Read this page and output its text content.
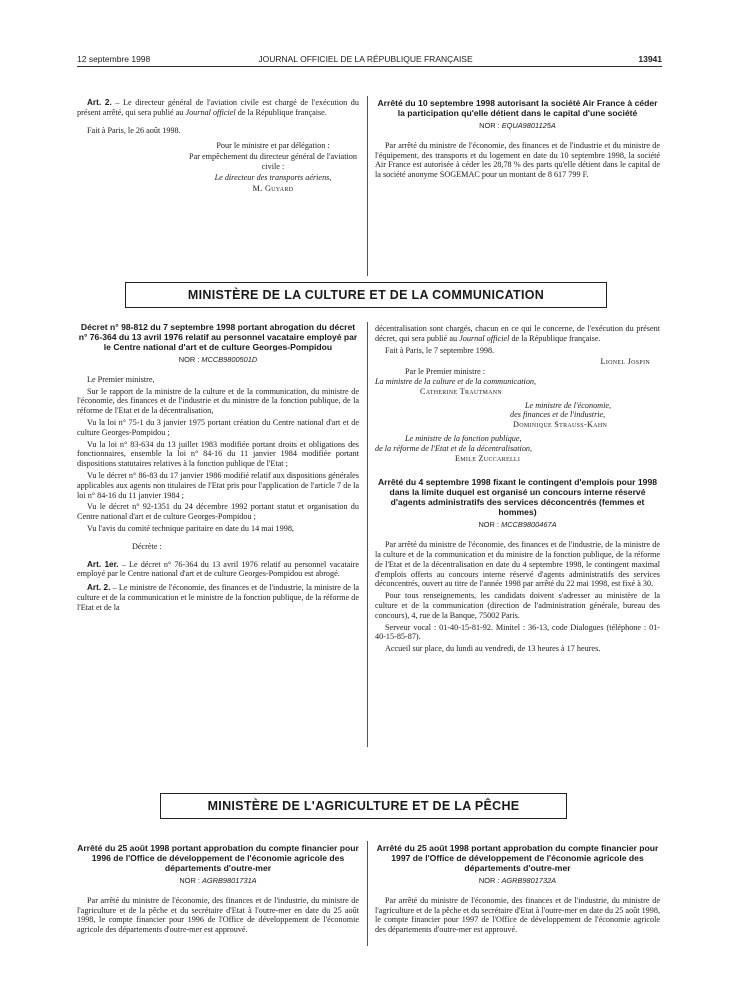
12 septembre 1998	JOURNAL OFFICIEL DE LA RÉPUBLIQUE FRANÇAISE	13941

Art. 2. – Le directeur général de l'aviation civile est chargé de l'exécution du présent arrêté, qui sera publié au Journal officiel de la République française.

Fait à Paris, le 26 août 1998.

Pour le ministre et par délégation :
Par empêchement du directeur général de l'aviation civile :
Le directeur des transports aériens,
M. Guyard
Arrêté du 10 septembre 1998 autorisant la société Air France à céder la participation qu'elle détient dans le capital d'une société
NOR : EQUA9801125A

Par arrêté du ministre de l'économie, des finances et de l'industrie et du ministre de l'équipement, des transports et du logement en date du 10 septembre 1998, la société Air France est autorisée à céder les 28,78 % des parts qu'elle détient dans le capital de la société anonyme SOGEMAC pour un montant de 8 617 799 F.

MINISTÈRE DE LA CULTURE ET DE LA COMMUNICATION
Décret n° 98-812 du 7 septembre 1998 portant abrogation du décret n° 76-364 du 13 avril 1976 relatif au personnel vacataire employé par le Centre national d'art et de culture Georges-Pompidou
NOR : MCCB9800501D

Le Premier ministre,

Sur le rapport de la ministre de la culture et de la communication, du ministre de l'économie, des finances et de l'industrie et du ministre de la fonction publique, de la réforme de l'Etat et de la décentralisation,

Vu la loi n° 75-1 du 3 janvier 1975 portant création du Centre national d'art et de culture Georges-Pompidou ;

Vu la loi n° 83-634 du 13 juillet 1983 modifiée portant droits et obligations des fonctionnaires, ensemble la loi n° 84-16 du 11 janvier 1984 modifiée portant dispositions statutaires relatives à la fonction publique de l'Etat ;

Vu le décret n° 86-83 du 17 janvier 1986 modifié relatif aux dispositions générales applicables aux agents non titulaires de l'Etat pris pour l'application de l'article 7 de la loi n° 84-16 du 11 janvier 1984 ;

Vu le décret n° 92-1351 du 24 décembre 1992 portant statut et organisation du Centre national d'art et de culture Georges-Pompidou ;

Vu l'avis du comité technique paritaire en date du 14 mai 1998,

Décrète :

Art. 1er. – Le décret n° 76-364 du 13 avril 1976 relatif au personnel vacataire employé par le Centre national d'art et de culture Georges-Pompidou est abrogé.

Art. 2. – Le ministre de l'économie, des finances et de l'industrie, la ministre de la culture et de la communication et le ministre de la fonction publique, de la réforme de l'Etat et de la

décentralisation sont chargés, chacun en ce qui le concerne, de l'exécution du présent décret, qui sera publié au Journal officiel de la République française.

Fait à Paris, le 7 septembre 1998.

Lionel Jospin
Par le Premier ministre :
La ministre de la culture et de la communication,
Catherine Trautmann
Le ministre de l'économie,
des finances et de l'industrie,
Dominique Strauss-Kahn
Le ministre de la fonction publique,
de la réforme de l'Etat et de la décentralisation,
Emile Zuccarelli
Arrêté du 4 septembre 1998 fixant le contingent d'emplois pour 1998 dans la limite duquel est organisé un concours interne réservé d'agents administratifs des services déconcentrés (femmes et hommes)
NOR : MCCB9800467A

Par arrêté du ministre de l'économie, des finances et de l'industrie, de la ministre de la culture et de la communication et du ministre de la fonction publique, de la réforme de l'Etat et de la décentralisation en date du 4 septembre 1998, le contingent maximal d'emplois offerts au concours interne réservé d'agents administratifs des services déconcentrés, ouvert au titre de l'année 1998 par arrêté du 22 mai 1998, est fixé à 30.

Pour tous renseignements, les candidats doivent s'adresser au ministère de la culture et de la communication (direction de l'administration générale, bureau des concours), 4, rue de la Banque, 75002 Paris.

Serveur vocal : 01-40-15-81-92. Minitel : 36-13, code Dialogues (téléphone : 01-40-15-85-87).

Accueil sur place, du lundi au vendredi, de 13 heures à 17 heures.

MINISTÈRE DE L'AGRICULTURE ET DE LA PÊCHE
Arrêté du 25 août 1998 portant approbation du compte financier pour 1996 de l'Office de développement de l'économie agricole des départements d'outre-mer
NOR : AGRB9801731A

Par arrêté du ministre de l'économie, des finances et de l'industrie, du ministre de l'agriculture et de la pêche et du secrétaire d'Etat à l'outre-mer en date du 25 août 1998, le compte financier pour 1996 de l'Office de développement de l'économie agricole des départements d'outre-mer est approuvé.

Arrêté du 25 août 1998 portant approbation du compte financier pour 1997 de l'Office de développement de l'économie agricole des départements d'outre-mer
NOR : AGRB9801732A

Par arrêté du ministre de l'économie, des finances et de l'industrie, du ministre de l'agriculture et de la pêche et du secrétaire d'Etat à l'outre-mer en date du 25 août 1998, le compte financier pour 1997 de l'Office de développement de l'économie agricole des départements d'outre-mer est approuvé.
